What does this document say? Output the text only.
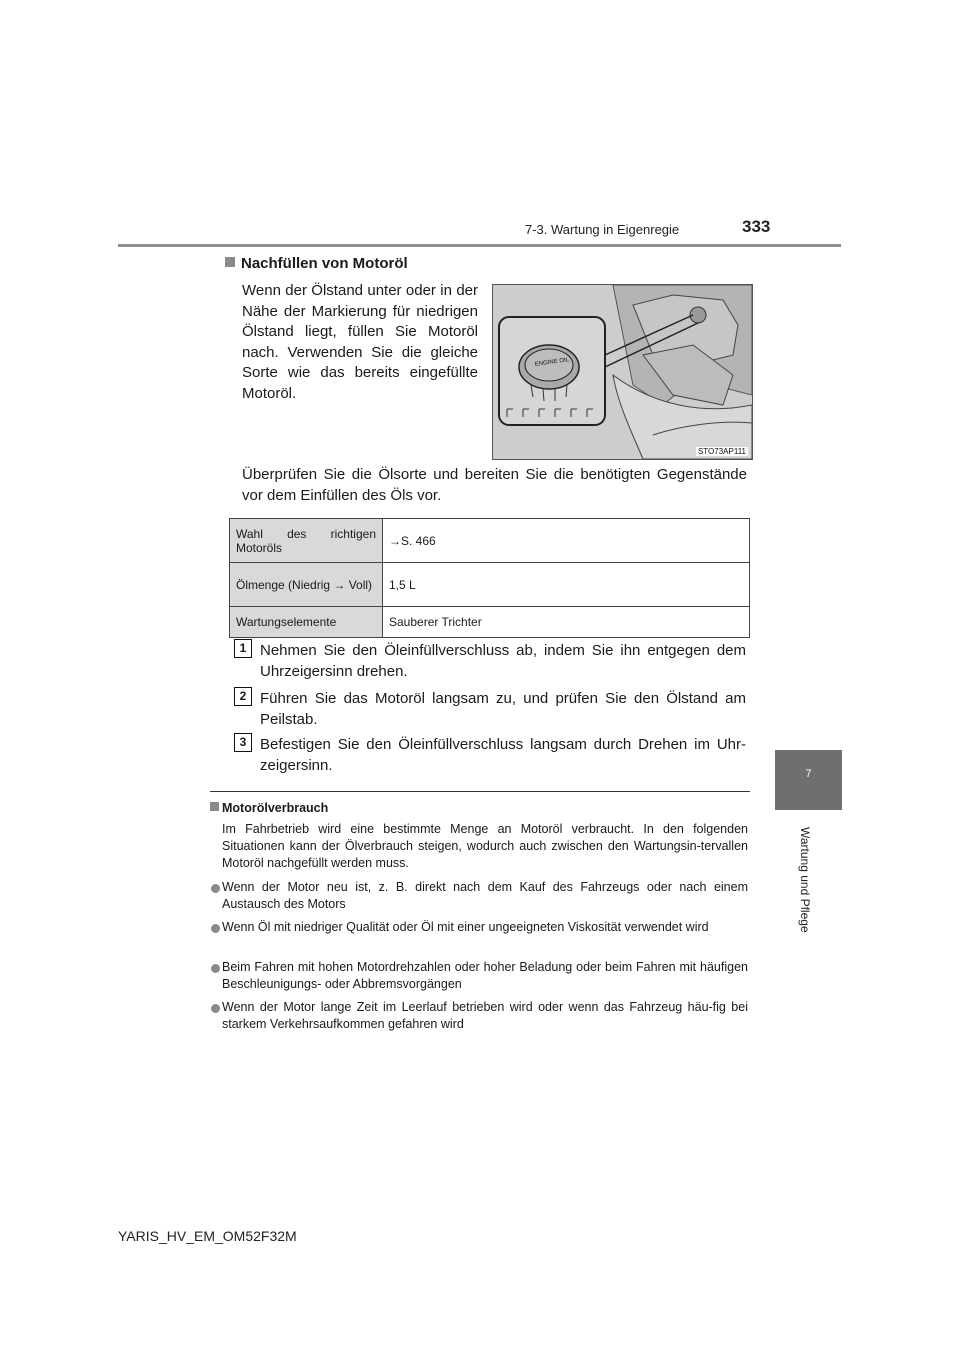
7-3. Wartung in Eigenregie	333
7
Wartung und Pflege
Nachfüllen von Motoröl
Wenn der Ölstand unter oder in der Nähe der Markierung für niedrigen Ölstand liegt, füllen Sie Motoröl nach. Verwenden Sie die gleiche Sorte wie das bereits eingefüllte Motoröl.
ENGINE OIL
STO73AP111
Überprüfen Sie die Ölsorte und bereiten Sie die benötigten Gegenstände vor dem Einfüllen des Öls vor.
Wahl des richtigen Motoröls	→S. 466
Ölmenge (Niedrig → Voll)	1,5 L
Wartungselemente	Sauberer Trichter
1 Nehmen Sie den Öleinfüllverschluss ab, indem Sie ihn entgegen dem Uhrzeigersinn drehen.
2 Führen Sie das Motoröl langsam zu, und prüfen Sie den Ölstand am Peilstab.
3 Befestigen Sie den Öleinfüllverschluss langsam durch Drehen im Uhr-zeigersinn.
Motorölverbrauch
Im Fahrbetrieb wird eine bestimmte Menge an Motoröl verbraucht. In den folgenden Situationen kann der Ölverbrauch steigen, wodurch auch zwischen den Wartungsin-tervallen Motoröl nachgefüllt werden muss.
Wenn der Motor neu ist, z. B. direkt nach dem Kauf des Fahrzeugs oder nach einem Austausch des Motors
Wenn Öl mit niedriger Qualität oder Öl mit einer ungeeigneten Viskosität verwendet wird
Beim Fahren mit hohen Motordrehzahlen oder hoher Beladung oder beim Fahren mit häufigen Beschleunigungs- oder Abbremsvorgängen
Wenn der Motor lange Zeit im Leerlauf betrieben wird oder wenn das Fahrzeug häu-fig bei starkem Verkehrsaufkommen gefahren wird
YARIS_HV_EM_OM52F32M
